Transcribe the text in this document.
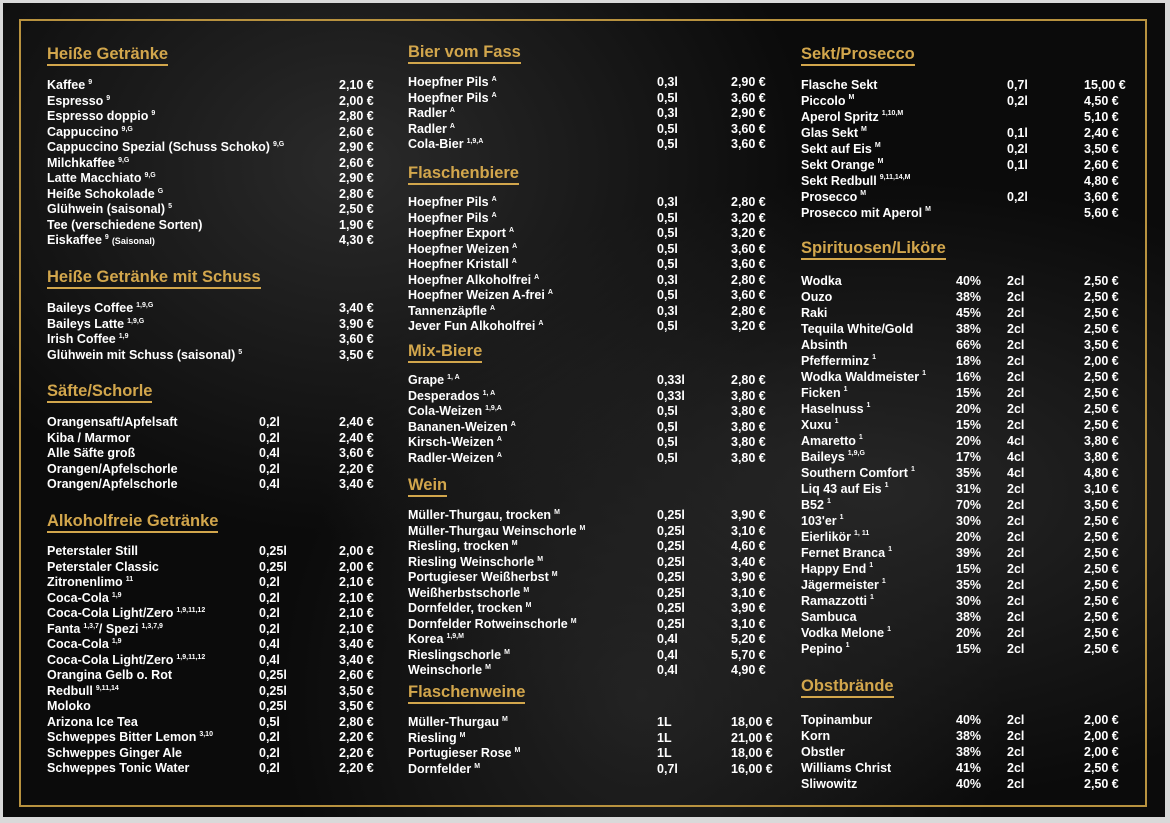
Heiße Getränke
Kaffee $^9$	2,10 €
Espresso $^9$	2,00 €
Espresso doppio $^9$	2,80 €
Cappuccino $^{9,G}$	2,60 €
Cappuccino Spezial (Schuss Schoko) $^{9,G}$	2,90 €
Milchkaffee $^{9,G}$	2,60 €
Latte Macchiato $^{9,G}$	2,90 €
Heiße Schokolade $^G$	2,80 €
Glühwein (saisonal) $^5$	2,50 €
Tee (verschiedene Sorten)	1,90 €
Eiskaffee $^9$ (Saisonal)	4,30 €
Heiße Getränke mit Schuss
Baileys Coffee $^{1,9,G}$	3,40 €
Baileys Latte $^{1,9,G}$	3,90 €
Irish Coffee $^{1,9}$	3,60 €
Glühwein mit Schuss (saisonal) $^5$	3,50 €
Säfte/Schorle
Orangensaft/Apfelsaft	0,2l	2,40 €
Kiba / Marmor	0,2l	2,40 €
Alle Säfte groß	0,4l	3,60 €
Orangen/Apfelschorle	0,2l	2,20 €
Orangen/Apfelschorle	0,4l	3,40 €
Alkoholfreie Getränke
Peterstaler Still	0,25l	2,00 €
Peterstaler Classic	0,25l	2,00 €
Zitronenlimo $^{11}$	0,2l	2,10 €
Coca-Cola $^{1,9}$	0,2l	2,10 €
Coca-Cola Light/Zero $^{1,9,11,12}$	0,2l	2,10 €
Fanta $^{1,3,7}$/ Spezi $^{1,3,7,9}$	0,2l	2,10 €
Coca-Cola $^{1,9}$	0,4l	3,40 €
Coca-Cola Light/Zero $^{1,9,11,12}$	0,4l	3,40 €
Orangina Gelb o. Rot	0,25l	2,60 €
Redbull $^{9,11,14}$	0,25l	3,50 €
Moloko	0,25l	3,50 €
Arizona Ice Tea	0,5l	2,80 €
Schweppes Bitter Lemon $^{3,10}$	0,2l	2,20 €
Schweppes Ginger Ale	0,2l	2,20 €
Schweppes Tonic Water	0,2l	2,20 €
Bier vom Fass
Hoepfner Pils $^A$	0,3l	2,90 €
Hoepfner Pils $^A$	0,5l	3,60 €
Radler $^A$	0,3l	2,90 €
Radler $^A$	0,5l	3,60 €
Cola-Bier $^{1,9,A}$	0,5l	3,60 €
Flaschenbiere
Hoepfner Pils $^A$	0,3l	2,80 €
Hoepfner Pils $^A$	0,5l	3,20 €
Hoepfner Export $^A$	0,5l	3,20 €
Hoepfner Weizen $^A$	0,5l	3,60 €
Hoepfner Kristall $^A$	0,5l	3,60 €
Hoepfner Alkoholfrei $^A$	0,3l	2,80 €
Hoepfner Weizen A-frei $^A$	0,5l	3,60 €
Tannenzäpfle $^A$	0,3l	2,80 €
Jever Fun Alkoholfrei $^A$	0,5l	3,20 €
Mix-Biere
Grape $^{1, A}$	0,33l	2,80 €
Desperados $^{1, A}$	0,33l	3,80 €
Cola-Weizen $^{1,9,A}$	0,5l	3,80 €
Bananen-Weizen $^A$	0,5l	3,80 €
Kirsch-Weizen $^A$	0,5l	3,80 €
Radler-Weizen $^A$	0,5l	3,80 €
Wein
Müller-Thurgau, trocken $^M$	0,25l	3,90 €
Müller-Thurgau Weinschorle $^M$	0,25l	3,10 €
Riesling, trocken $^M$	0,25l	4,60 €
Riesling Weinschorle $^M$	0,25l	3,40 €
Portugieser Weißherbst $^M$	0,25l	3,90 €
Weißherbstschorle $^M$	0,25l	3,10 €
Dornfelder, trocken $^M$	0,25l	3,90 €
Dornfelder Rotweinschorle $^M$	0,25l	3,10 €
Korea $^{1,9,M}$	0,4l	5,20 €
Rieslingschorle $^M$	0,4l	5,70 €
Weinschorle $^M$	0,4l	4,90 €
Flaschenweine
Müller-Thurgau $^M$	1L	18,00 €
Riesling $^M$	1L	21,00 €
Portugieser Rose $^M$	1L	18,00 €
Dornfelder $^M$	0,7l	16,00 €
Sekt/Prosecco
Flasche Sekt	0,7l	15,00 €
Piccolo $^M$	0,2l	4,50 €
Aperol Spritz $^{1,10,M}$	5,10 €
Glas Sekt $^M$	0,1l	2,40 €
Sekt auf Eis $^M$	0,2l	3,50 €
Sekt Orange $^M$	0,1l	2,60 €
Sekt Redbull $^{9,11,14,M}$	4,80 €
Prosecco $^M$	0,2l	3,60 €
Prosecco mit Aperol $^M$	5,60 €
Spirituosen/Liköre
Wodka	40% 2cl	2,50 €
Ouzo	38% 2cl	2,50 €
Raki	45% 2cl	2,50 €
Tequila White/Gold	38% 2cl	2,50 €
Absinth	66% 2cl	3,50 €
Pfefferminz $^1$	18% 2cl	2,00 €
Wodka Waldmeister $^1$ 16% 2cl	2,50 €
Ficken $^1$	15% 2cl	2,50 €
Haselnuss $^1$	20% 2cl	2,50 €
Xuxu $^1$	15% 2cl	2,50 €
Amaretto $^1$	20% 4cl	3,80 €
Baileys $^{1,9,G}$	17% 4cl	3,80 €
Southern Comfort $^1$	35% 4cl	4,80 €
Liq 43 auf Eis $^1$	31% 2cl	3,10 €
B52 $^1$	70% 2cl	3,50 €
103'er $^1$	30% 2cl	2,50 €
Eierlikör $^{1, 11}$	20% 2cl	2,50 €
Fernet Branca $^1$	39% 2cl	2,50 €
Happy End $^1$	15% 2cl	2,50 €
Jägermeister $^1$	35% 2cl	2,50 €
Ramazzotti $^1$	30% 2cl	2,50 €
Sambuca	38% 2cl	2,50 €
Vodka Melone $^1$	20% 2cl	2,50 €
Pepino $^1$	15% 2cl	2,50 €
Obstbrände
Topinambur	40% 2cl	2,00 €
Korn	38% 2cl	2,00 €
Obstler	38% 2cl	2,00 €
Williams Christ	41% 2cl	2,50 €
Sliwowitz	40% 2cl	2,50 €
